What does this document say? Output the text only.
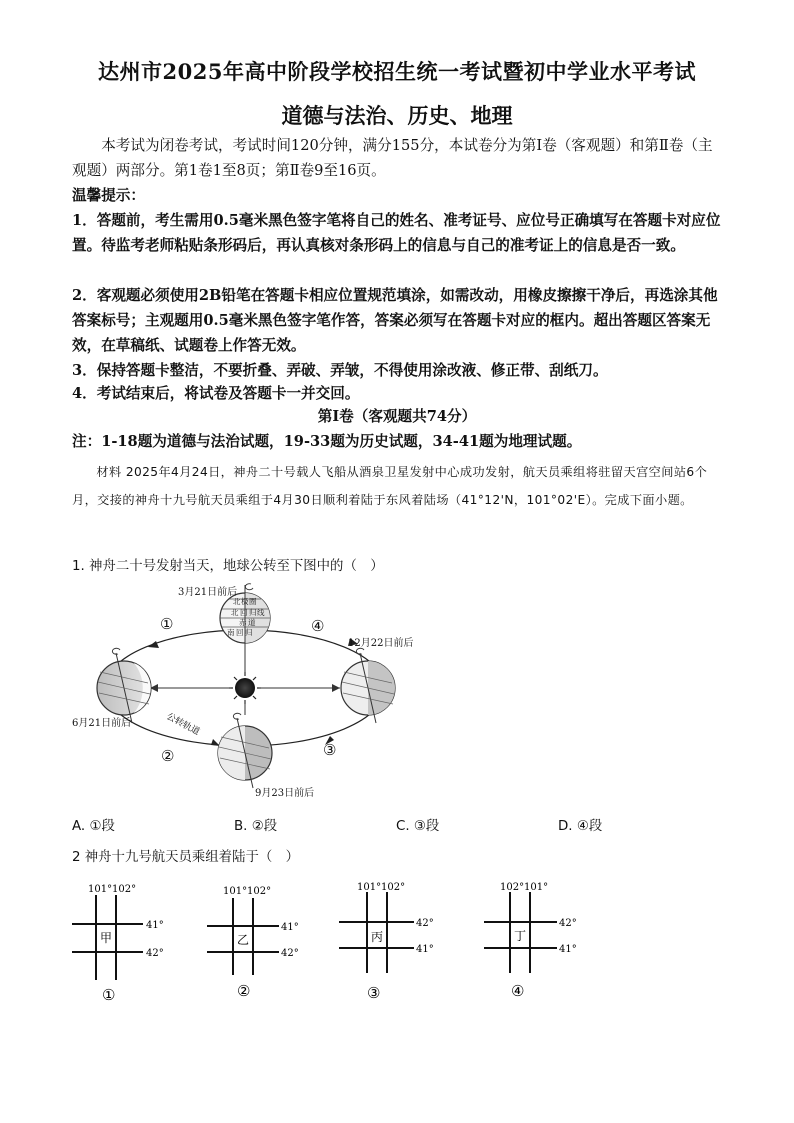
达州市2025年高中阶段学校招生统一考试暨初中学业水平考试
道德与法治、历史、地理
本考试为闭卷考试，考试时间120分钟，满分155分，本试卷分为第Ⅰ卷（客观题）和第Ⅱ卷（主观题）两部分。第1卷1至8页；第Ⅱ卷9至16页。
温馨提示：
1．答题前，考生需用0.5毫米黑色签字笔将自己的姓名、准考证号、应位号正确填写在答题卡对应位置。待监考老师粘贴条形码后，再认真核对条形码上的信息与自己的准考证上的信息是否一致。
2．客观题必须使用2B铅笔在答题卡相应位置规范填涂，如需改动，用橡皮擦擦干净后，再选涂其他答案标号；主观题用0.5毫米黑色签字笔作答，答案必须写在答题卡对应的框内。超出答题区答案无效，在草稿纸、试题卷上作答无效。
3．保持答题卡整洁，不要折叠、弄破、弄皱，不得使用涂改液、修正带、刮纸刀。
4．考试结束后，将试卷及答题卡一并交回。
第Ⅰ卷（客观题共74分）
注：1-18题为道德与法治试题，19-33题为历史试题，34-41题为地理试题。
材料 2025年4月24日，神舟二十号载人飞船从酒泉卫星发射中心成功发射，航天员乘组将驻留天宫空间站6个月，交接的神舟十九号航天员乘组于4月30日顺利着陆于东风着陆场（41°12'N，101°02'E）。完成下面小题。
1. 神舟二十号发射当天，地球公转至下图中的（　）
北 极 圈
北 回 归 线
赤 道
南 回 归
3月21日前后
12月22日前后
6月21日前后
9月23日前后
公转轨道
①
②	③
④
A. ①段	B. ②段	C. ③段	D. ④段
2 神舟十九号航天员乘组着陆于（　）
101° 102°
41°
42°
甲
①
101° 102°
41°
42°
乙
②
101° 102°
42°
41°
丙
③
102° 101°
42°
41°
丁
④
